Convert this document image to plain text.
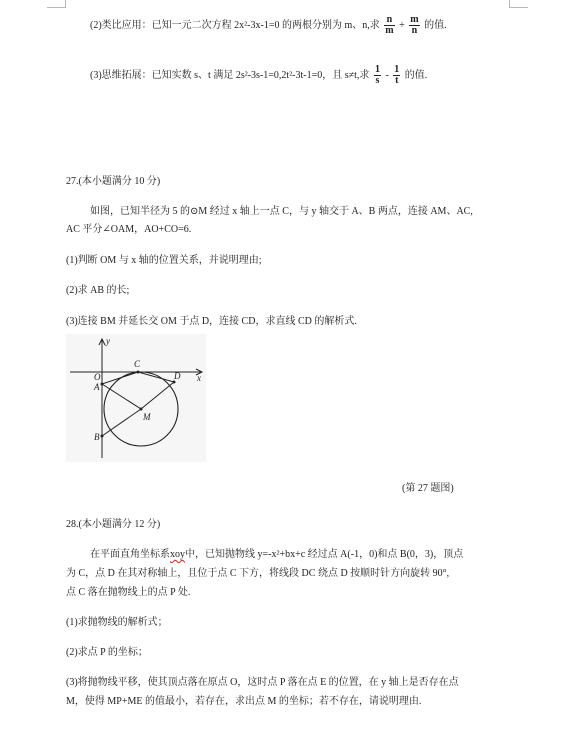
(2)类比应用：已知一元二次方程 2x²-3x-1=0 的两根分别为 m、n,求 $\frac{n}{m} + \frac{m}{n}$ 的值.
(3)思维拓展：已知实数 s、t 满足 2s²-3s-1=0,2t²-3t-1=0，且 s≠t,求 $\frac{1}{s} - \frac{1}{t}$ 的值.
27.(本小题满分 10 分)
如图，已知半径为 5 的⊙M 经过 x 轴上一点 C，与 y 轴交于 A、B 两点，连接 AM、AC,
AC 平分∠OAM，AO+CO=6.
(1)判断 OM 与 x 轴的位置关系，并说明理由;
(2)求 AB 的长;
(3)连接 BM 并延长交 OM 于点 D，连接 CD，求直线 CD 的解析式.
y
x
O
A
C
D
M
B
(第 27 题图)
28.(本小题满分 12 分)
在平面直角坐标系xoy中，已知抛物线 y=-x²+bx+c 经过点 A(-1，0)和点 B(0，3)，顶点
为 C，点 D 在其对称轴上，且位于点 C 下方，将线段 DC 绕点 D 按顺时针方向旋转 90°,
点 C 落在抛物线上的点 P 处.
(1)求抛物线的解析式；
(2)求点 P 的坐标；
(3)将抛物线平移，使其顶点落在原点 O，这时点 P 落在点 E 的位置，在 y 轴上是否存在点
M，使得 MP+ME 的值最小，若存在，求出点 M 的坐标；若不存在，请说明理由.
